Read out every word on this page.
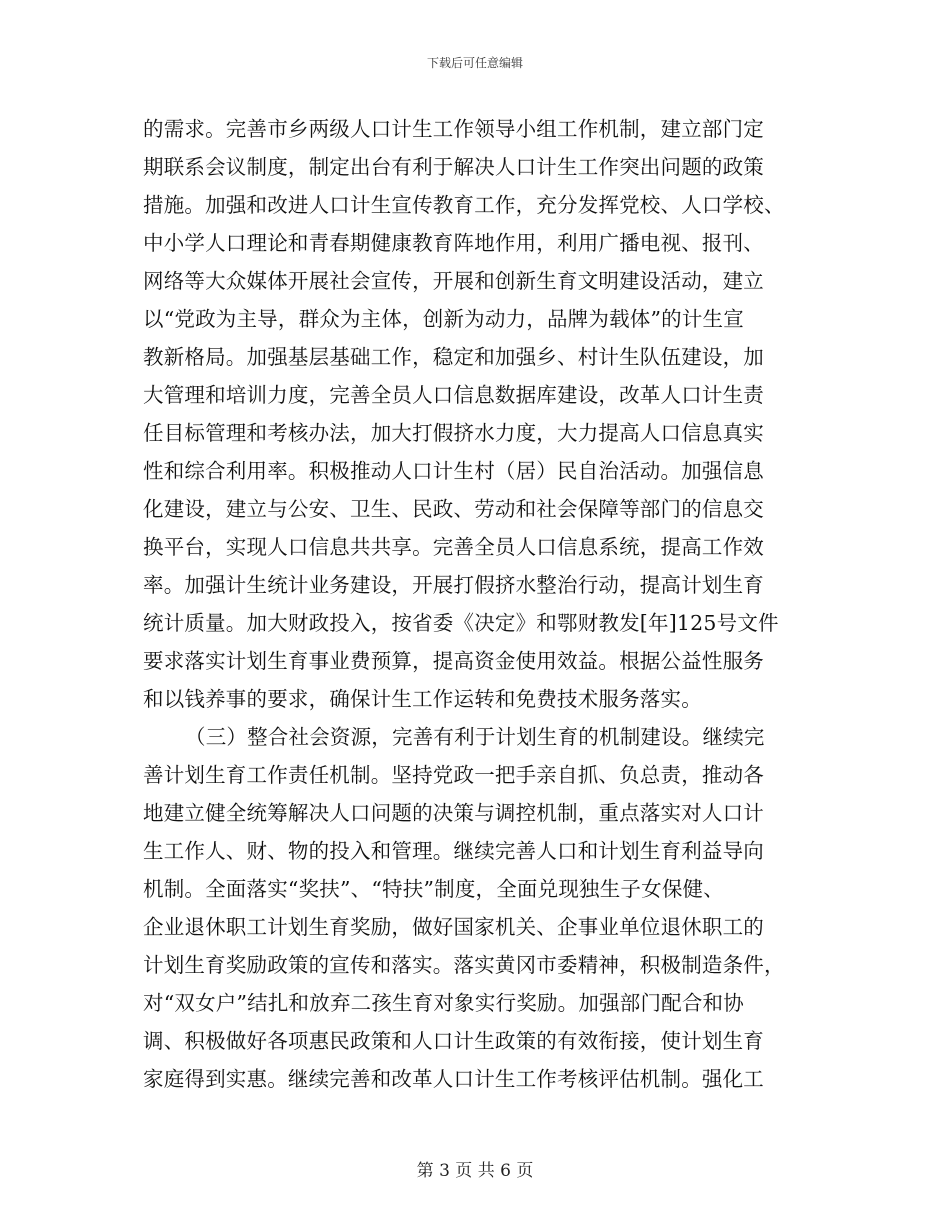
下载后可任意编辑
的需求。完善市乡两级人口计生工作领导小组工作机制，建立部门定
期联系会议制度，制定出台有利于解决人口计生工作突出问题的政策
措施。加强和改进人口计生宣传教育工作，充分发挥党校、人口学校、
中小学人口理论和青春期健康教育阵地作用，利用广播电视、报刊、
网络等大众媒体开展社会宣传，开展和创新生育文明建设活动，建立
以“党政为主导，群众为主体，创新为动力，品牌为载体”的计生宣
教新格局。加强基层基础工作，稳定和加强乡、村计生队伍建设，加
大管理和培训力度，完善全员人口信息数据库建设，改革人口计生责
任目标管理和考核办法，加大打假挤水力度，大力提高人口信息真实
性和综合利用率。积极推动人口计生村（居）民自治活动。加强信息
化建设，建立与公安、卫生、民政、劳动和社会保障等部门的信息交
换平台，实现人口信息共共享。完善全员人口信息系统，提高工作效
率。加强计生统计业务建设，开展打假挤水整治行动，提高计划生育
统计质量。加大财政投入，按省委《决定》和鄂财教发[年]125号文件
要求落实计划生育事业费预算，提高资金使用效益。根据公益性服务
和以钱养事的要求，确保计生工作运转和免费技术服务落实。
（三）整合社会资源，完善有利于计划生育的机制建设。继续完
善计划生育工作责任机制。坚持党政一把手亲自抓、负总责，推动各
地建立健全统筹解决人口问题的决策与调控机制，重点落实对人口计
生工作人、财、物的投入和管理。继续完善人口和计划生育利益导向
机制。全面落实“奖扶”、“特扶”制度，全面兑现独生子女保健、
企业退休职工计划生育奖励，做好国家机关、企事业单位退休职工的
计划生育奖励政策的宣传和落实。落实黄冈市委精神，积极制造条件，
对“双女户”结扎和放弃二孩生育对象实行奖励。加强部门配合和协
调、积极做好各项惠民政策和人口计生政策的有效衔接，使计划生育
家庭得到实惠。继续完善和改革人口计生工作考核评估机制。强化工
第 3 页 共 6 页
